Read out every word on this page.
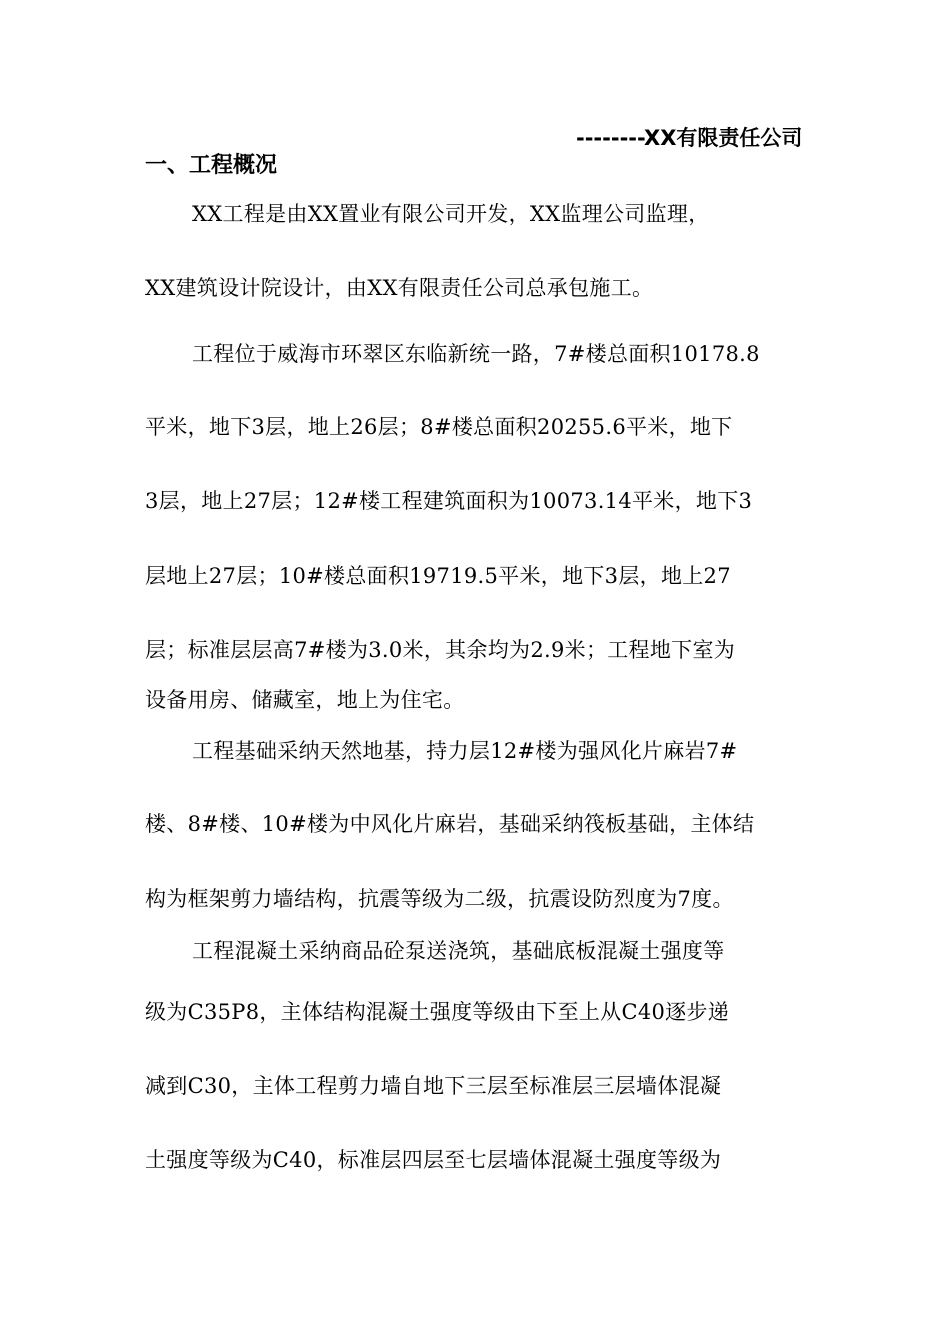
--------XX有限责任公司
一、工程概况
XX工程是由XX置业有限公司开发，XX监理公司监理，
XX建筑设计院设计，由XX有限责任公司总承包施工。
工程位于威海市环翠区东临新统一路，7#楼总面积10178.8
平米，地下3层，地上26层；8#楼总面积20255.6平米，地下
3层，地上27层；12#楼工程建筑面积为10073.14平米，地下3
层地上27层；10#楼总面积19719.5平米，地下3层，地上27
层；标准层层高7#楼为3.0米，其余均为2.9米；工程地下室为
设备用房、储藏室，地上为住宅。
工程基础采纳天然地基，持力层12#楼为强风化片麻岩7#
楼、8#楼、10#楼为中风化片麻岩，基础采纳筏板基础，主体结
构为框架剪力墙结构，抗震等级为二级，抗震设防烈度为7度。
工程混凝土采纳商品砼泵送浇筑，基础底板混凝土强度等
级为C35P8，主体结构混凝土强度等级由下至上从C40逐步递
减到C30，主体工程剪力墙自地下三层至标准层三层墙体混凝
土强度等级为C40，标准层四层至七层墙体混凝土强度等级为
